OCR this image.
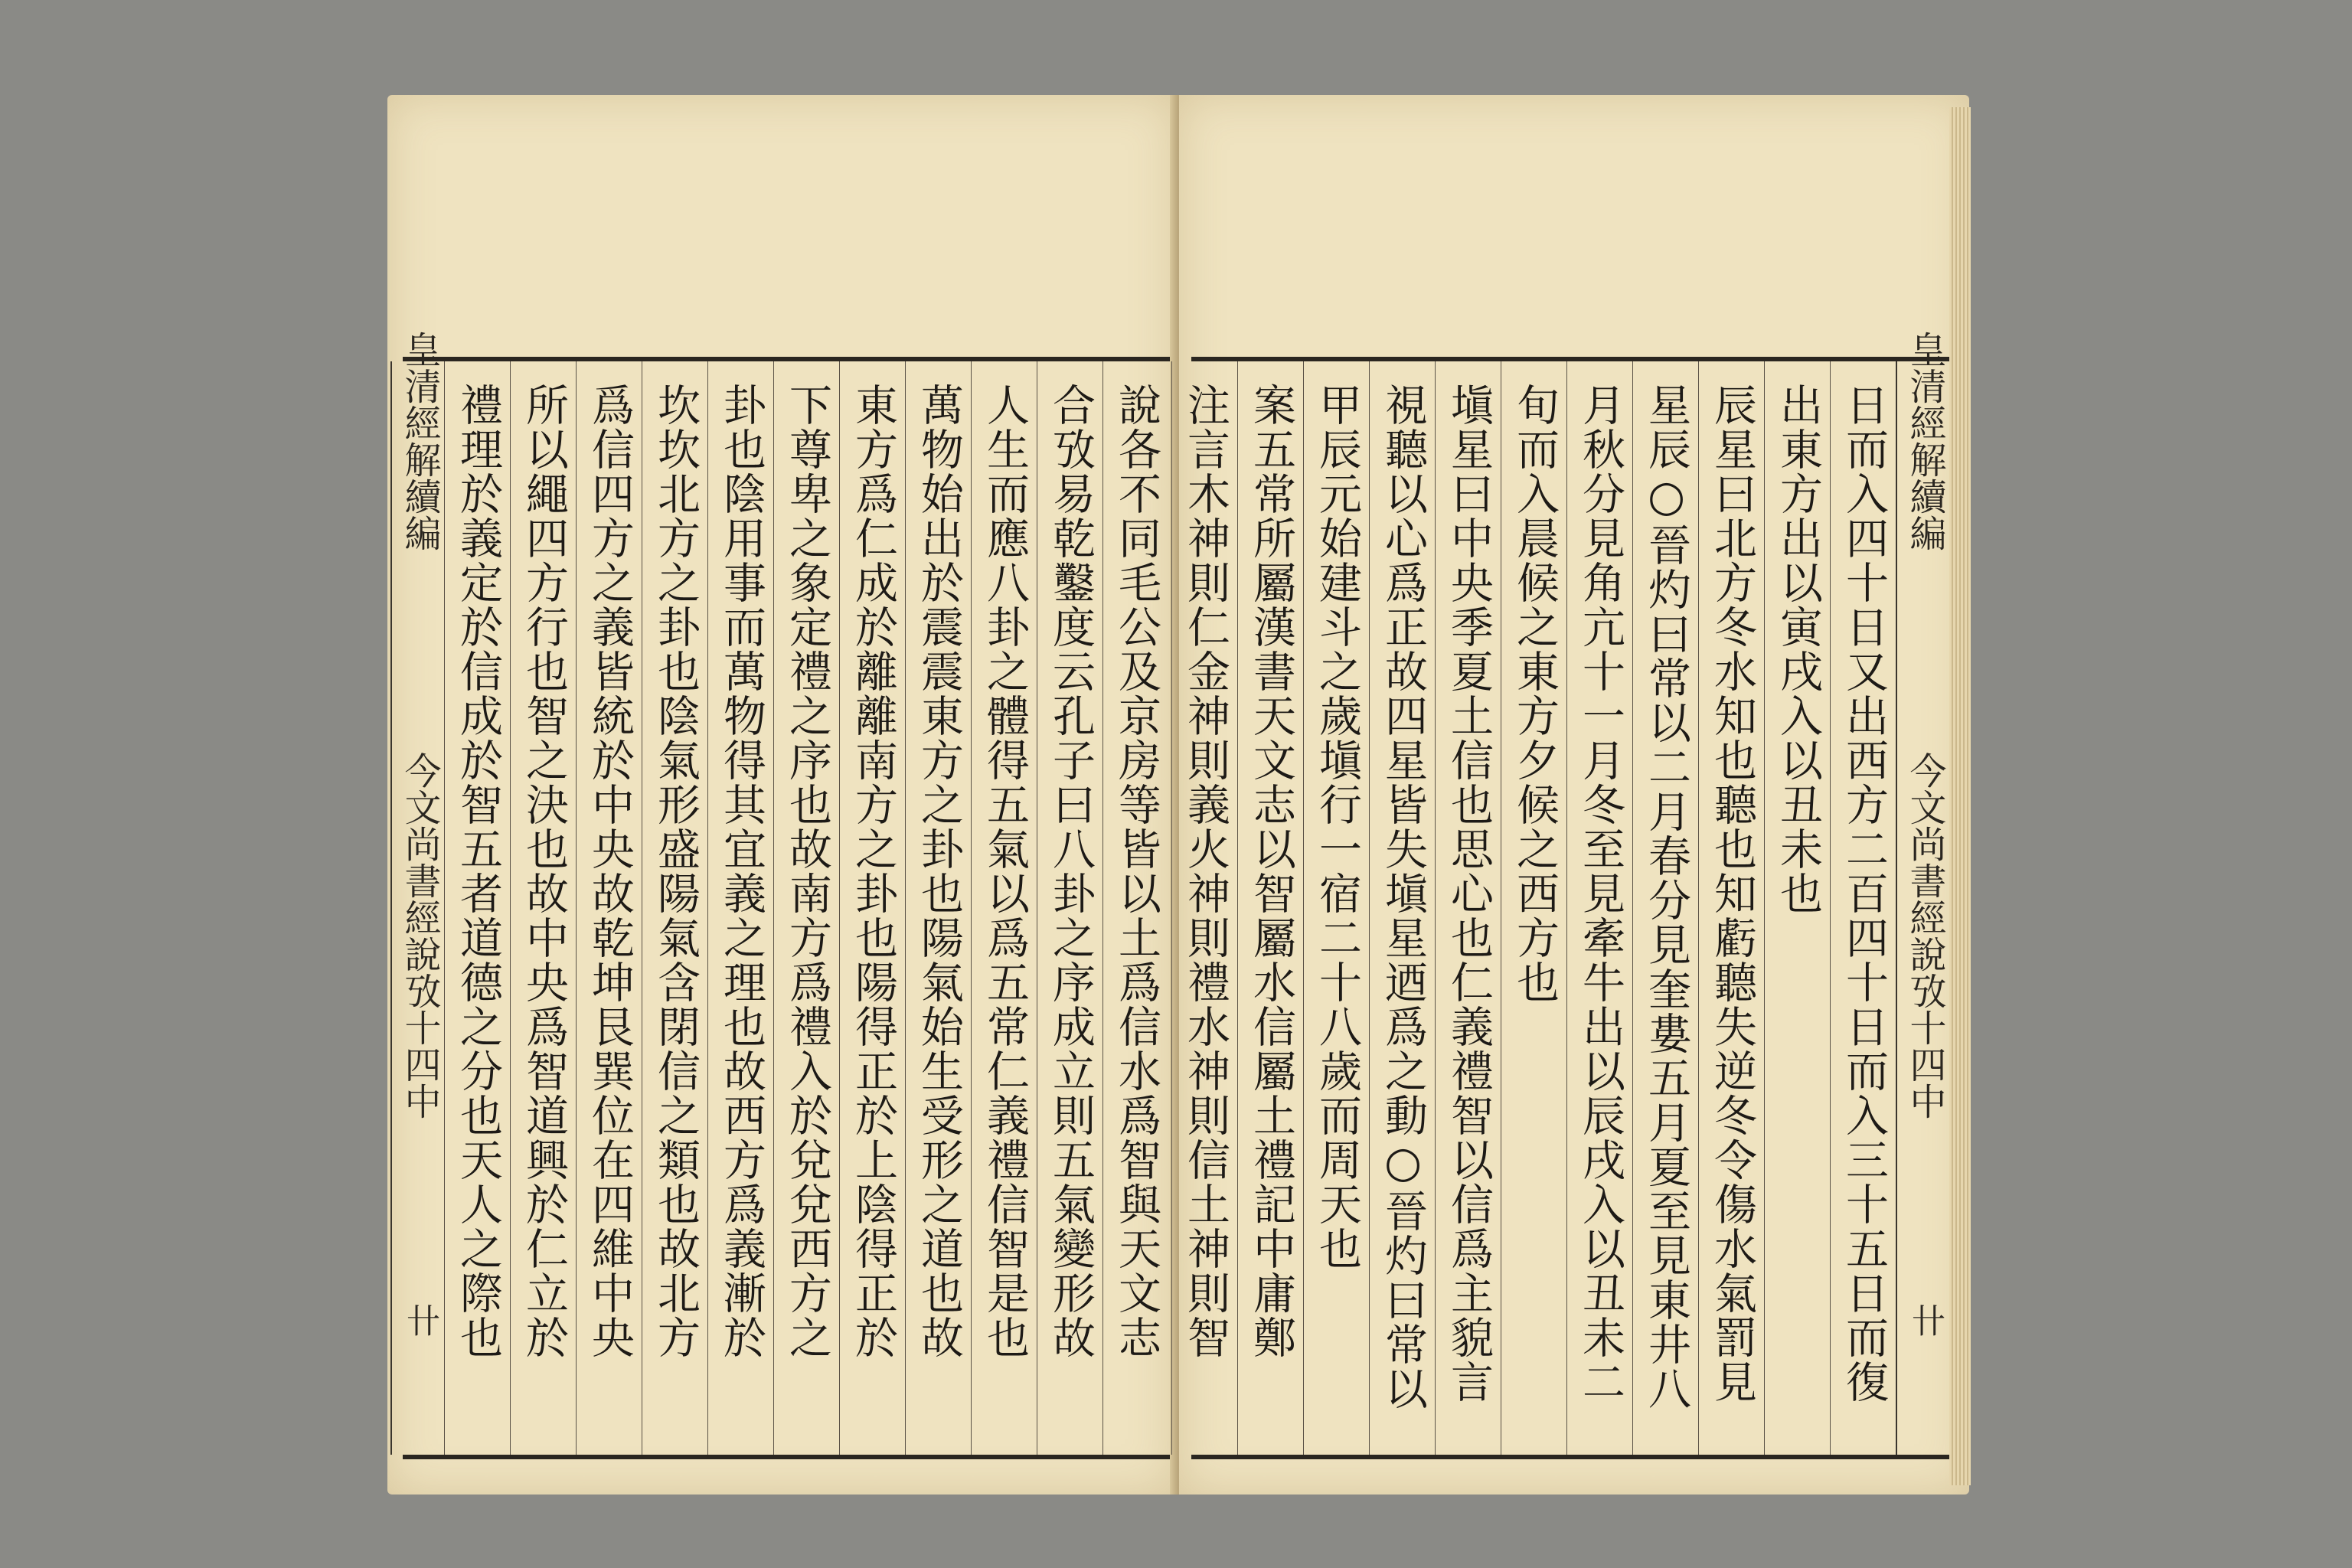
說各不同毛公及京房等皆以土爲信水爲智與天文志
合攷易乾鑿度云孔子曰八卦之序成立則五氣變形故
人生而應八卦之體得五氣以爲五常仁義禮信智是也
萬物始出於震震東方之卦也陽氣始生受形之道也故
東方爲仁成於離離南方之卦也陽得正於上陰得正於
下尊卑之象定禮之序也故南方爲禮入於兌兌西方之
卦也陰用事而萬物得其宜義之理也故西方爲義漸於
坎坎北方之卦也陰氣形盛陽氣含閉信之類也故北方
爲信四方之義皆統於中央故乾坤艮巽位在四維中央
所以繩四方行也智之決也故中央爲智道興於仁立於
禮理於義定於信成於智五者道德之分也天人之際也
皇清經解續編
今文尚書經說攷十四中
卄
皇清經解續編
今文尚書經說攷十四中
卄
日而入四十日又出西方二百四十日而入三十五日而復
出東方出以寅戌入以丑未也
辰星曰北方冬水知也聽也知虧聽失逆冬令傷水氣罰見
星辰○晉灼曰常以二月春分見奎婁五月夏至見東井八
月秋分見角亢十一月冬至見牽牛出以辰戌入以丑未二
旬而入晨候之東方夕候之西方也
塡星曰中央季夏土信也思心也仁義禮智以信爲主貌言
視聽以心爲正故四星皆失塡星迺爲之動○晉灼曰常以
甲辰元始建斗之歲塡行一宿二十八歲而周天也
案五常所屬漢書天文志以智屬水信屬土禮記中庸鄭
注言木神則仁金神則義火神則禮水神則信土神則智
